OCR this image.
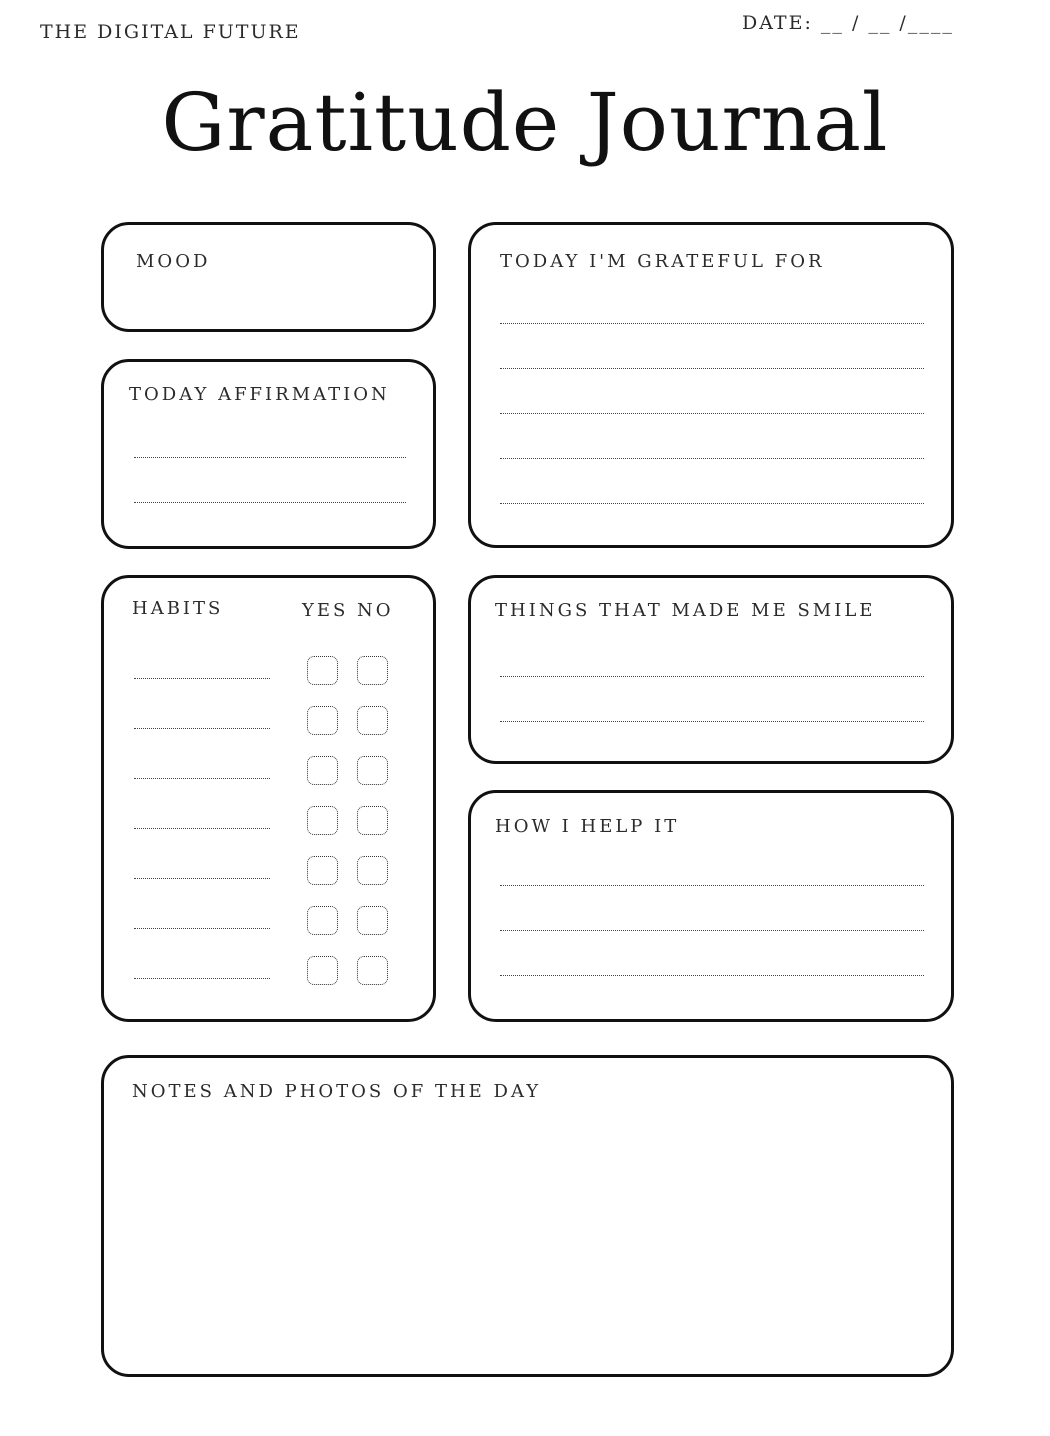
THE DIGITAL FUTURE	DATE: __ / __ /____
Gratitude Journal
MOOD
TODAY AFFIRMATION
TODAY I'M GRATEFUL FOR
HABITS	YES NO	THINGS THAT MADE ME SMILE
HOW I HELP IT
NOTES AND PHOTOS OF THE DAY
